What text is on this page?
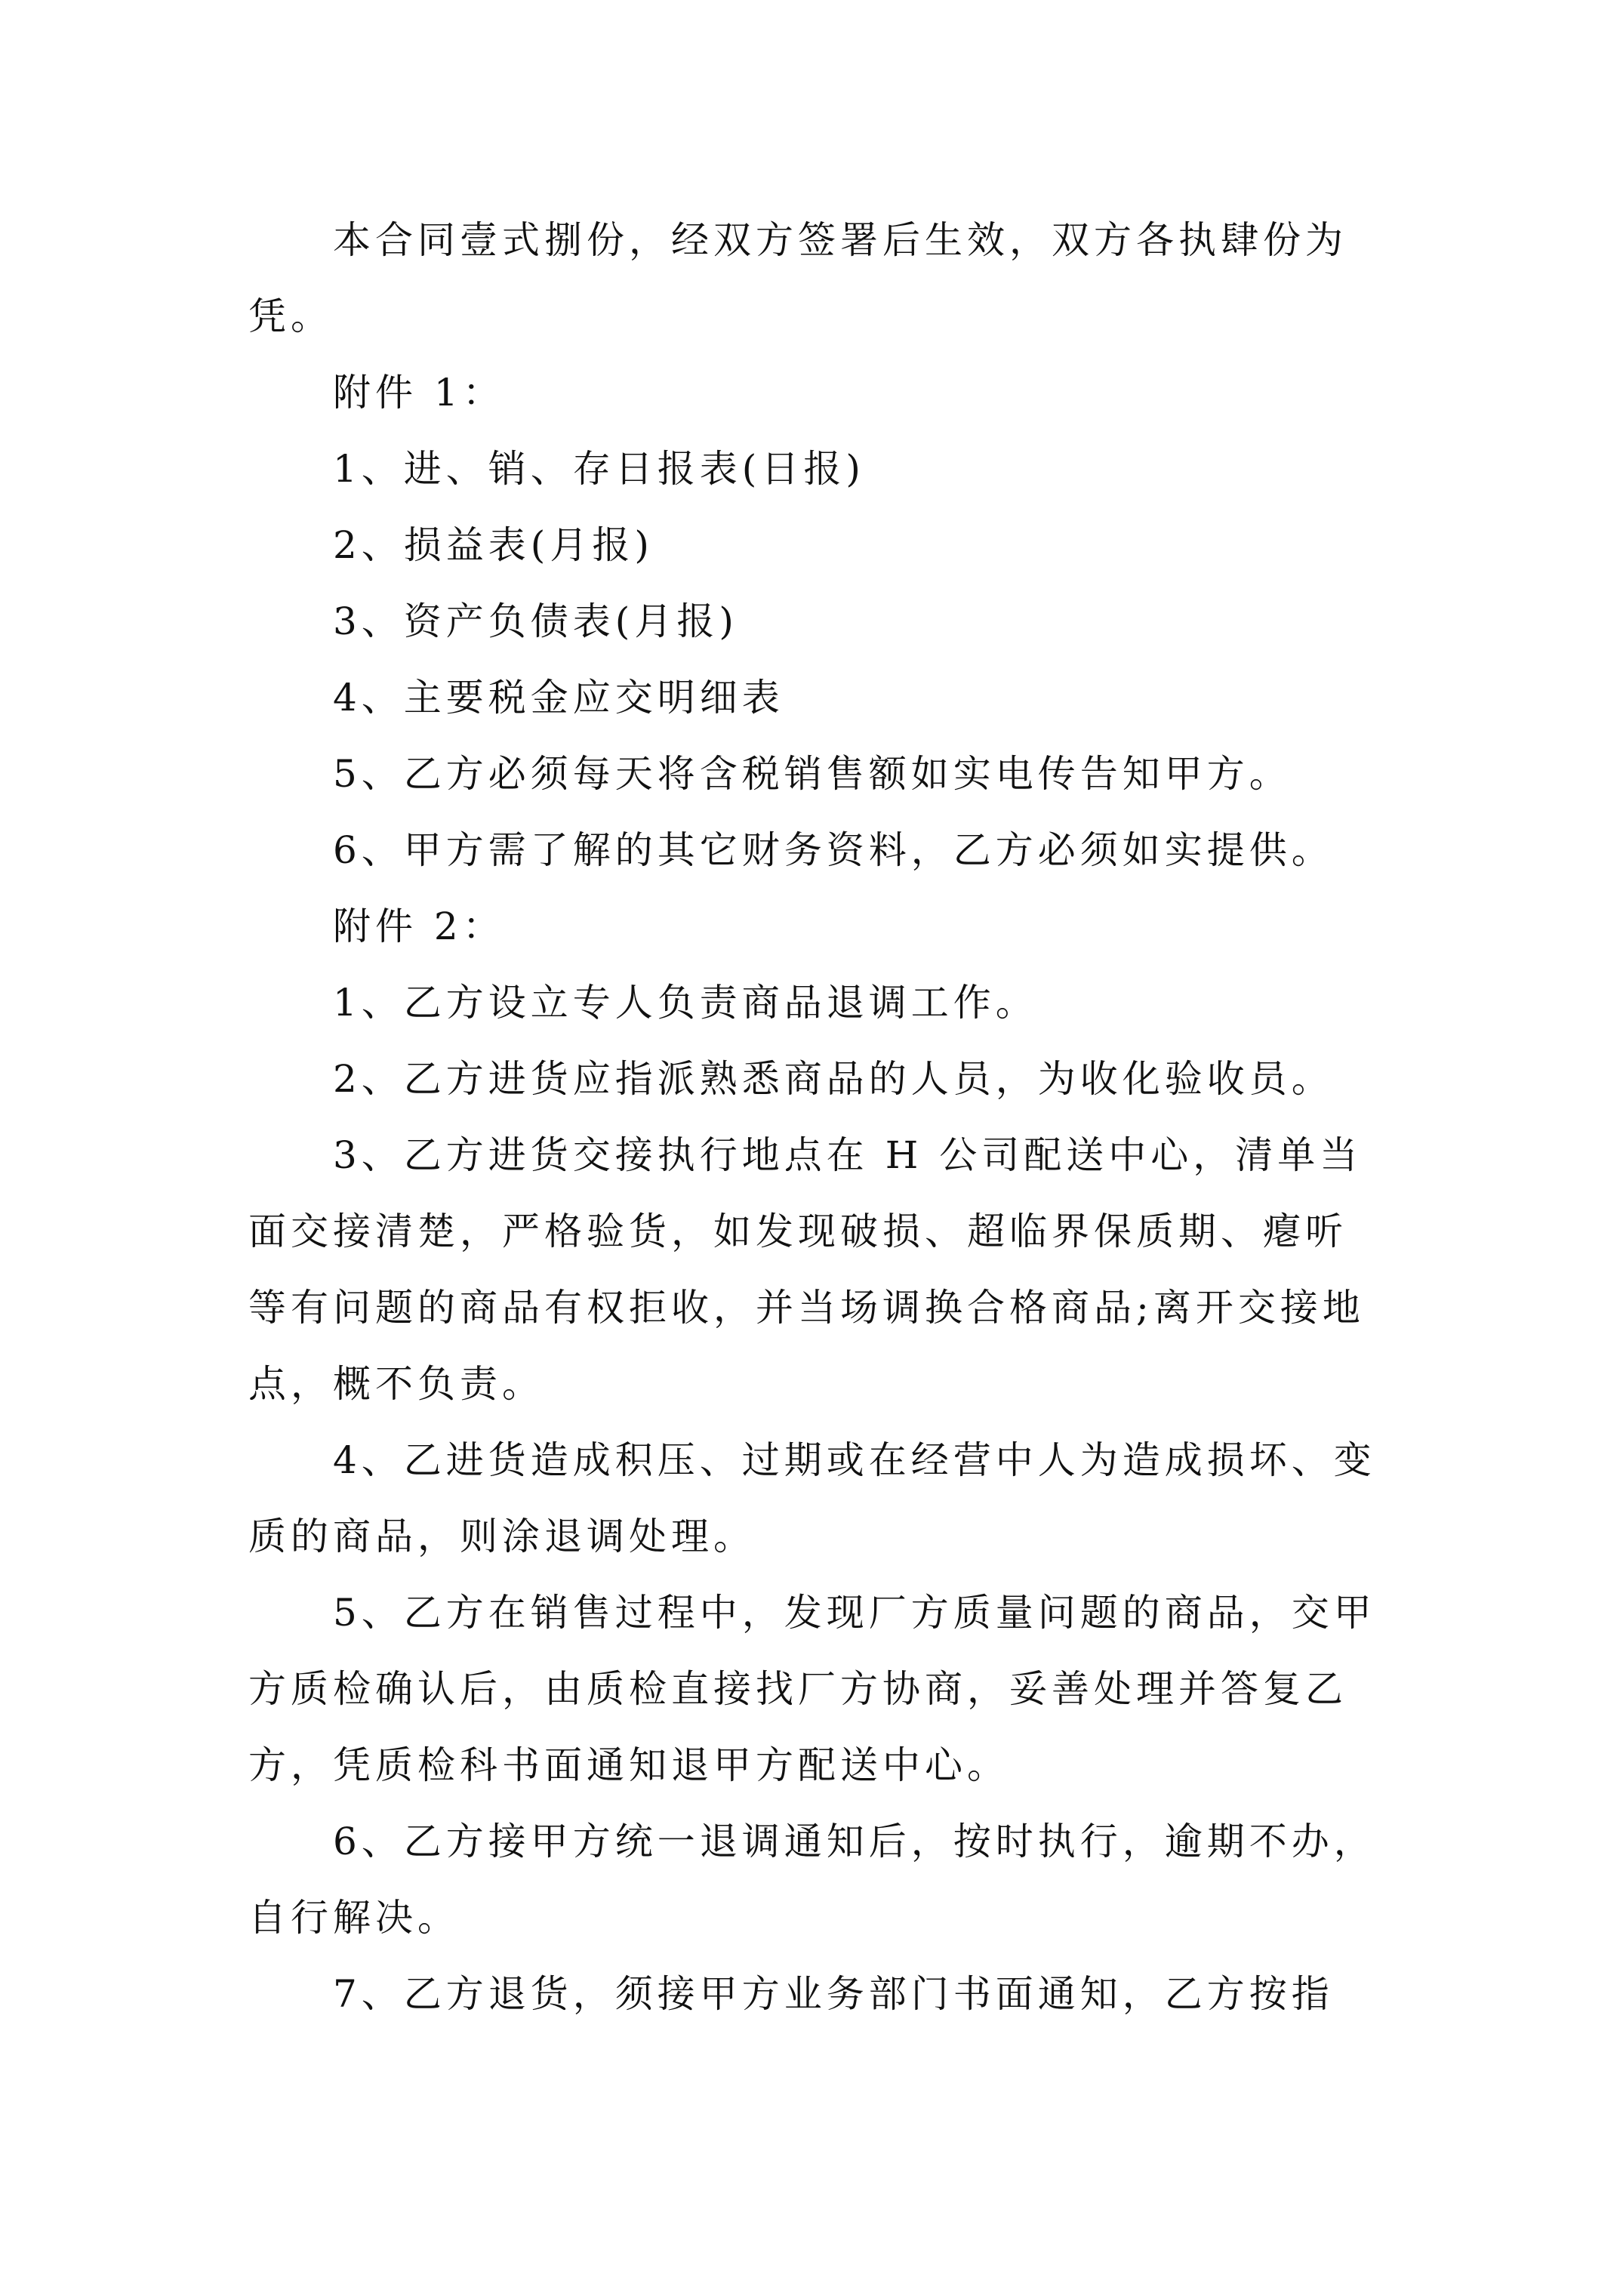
本合同壹式捌份，经双方签署后生效，双方各执肆份为凭。

附件 1：

1、进、销、存日报表(日报)

2、损益表(月报)

3、资产负债表(月报)

4、主要税金应交明细表

5、乙方必须每天将含税销售额如实电传告知甲方。

6、甲方需了解的其它财务资料，乙方必须如实提供。

附件 2：

1、乙方设立专人负责商品退调工作。

2、乙方进货应指派熟悉商品的人员，为收化验收员。

3、乙方进货交接执行地点在 H 公司配送中心，清单当面交接清楚，严格验货，如发现破损、超临界保质期、瘪听等有问题的商品有权拒收，并当场调换合格商品;离开交接地点，概不负责。

4、乙进货造成积压、过期或在经营中人为造成损坏、变质的商品，则涂退调处理。

5、乙方在销售过程中，发现厂方质量问题的商品，交甲方质检确认后，由质检直接找厂方协商，妥善处理并答复乙方，凭质检科书面通知退甲方配送中心。

6、乙方接甲方统一退调通知后，按时执行，逾期不办，自行解决。

7、乙方退货，须接甲方业务部门书面通知，乙方按指
